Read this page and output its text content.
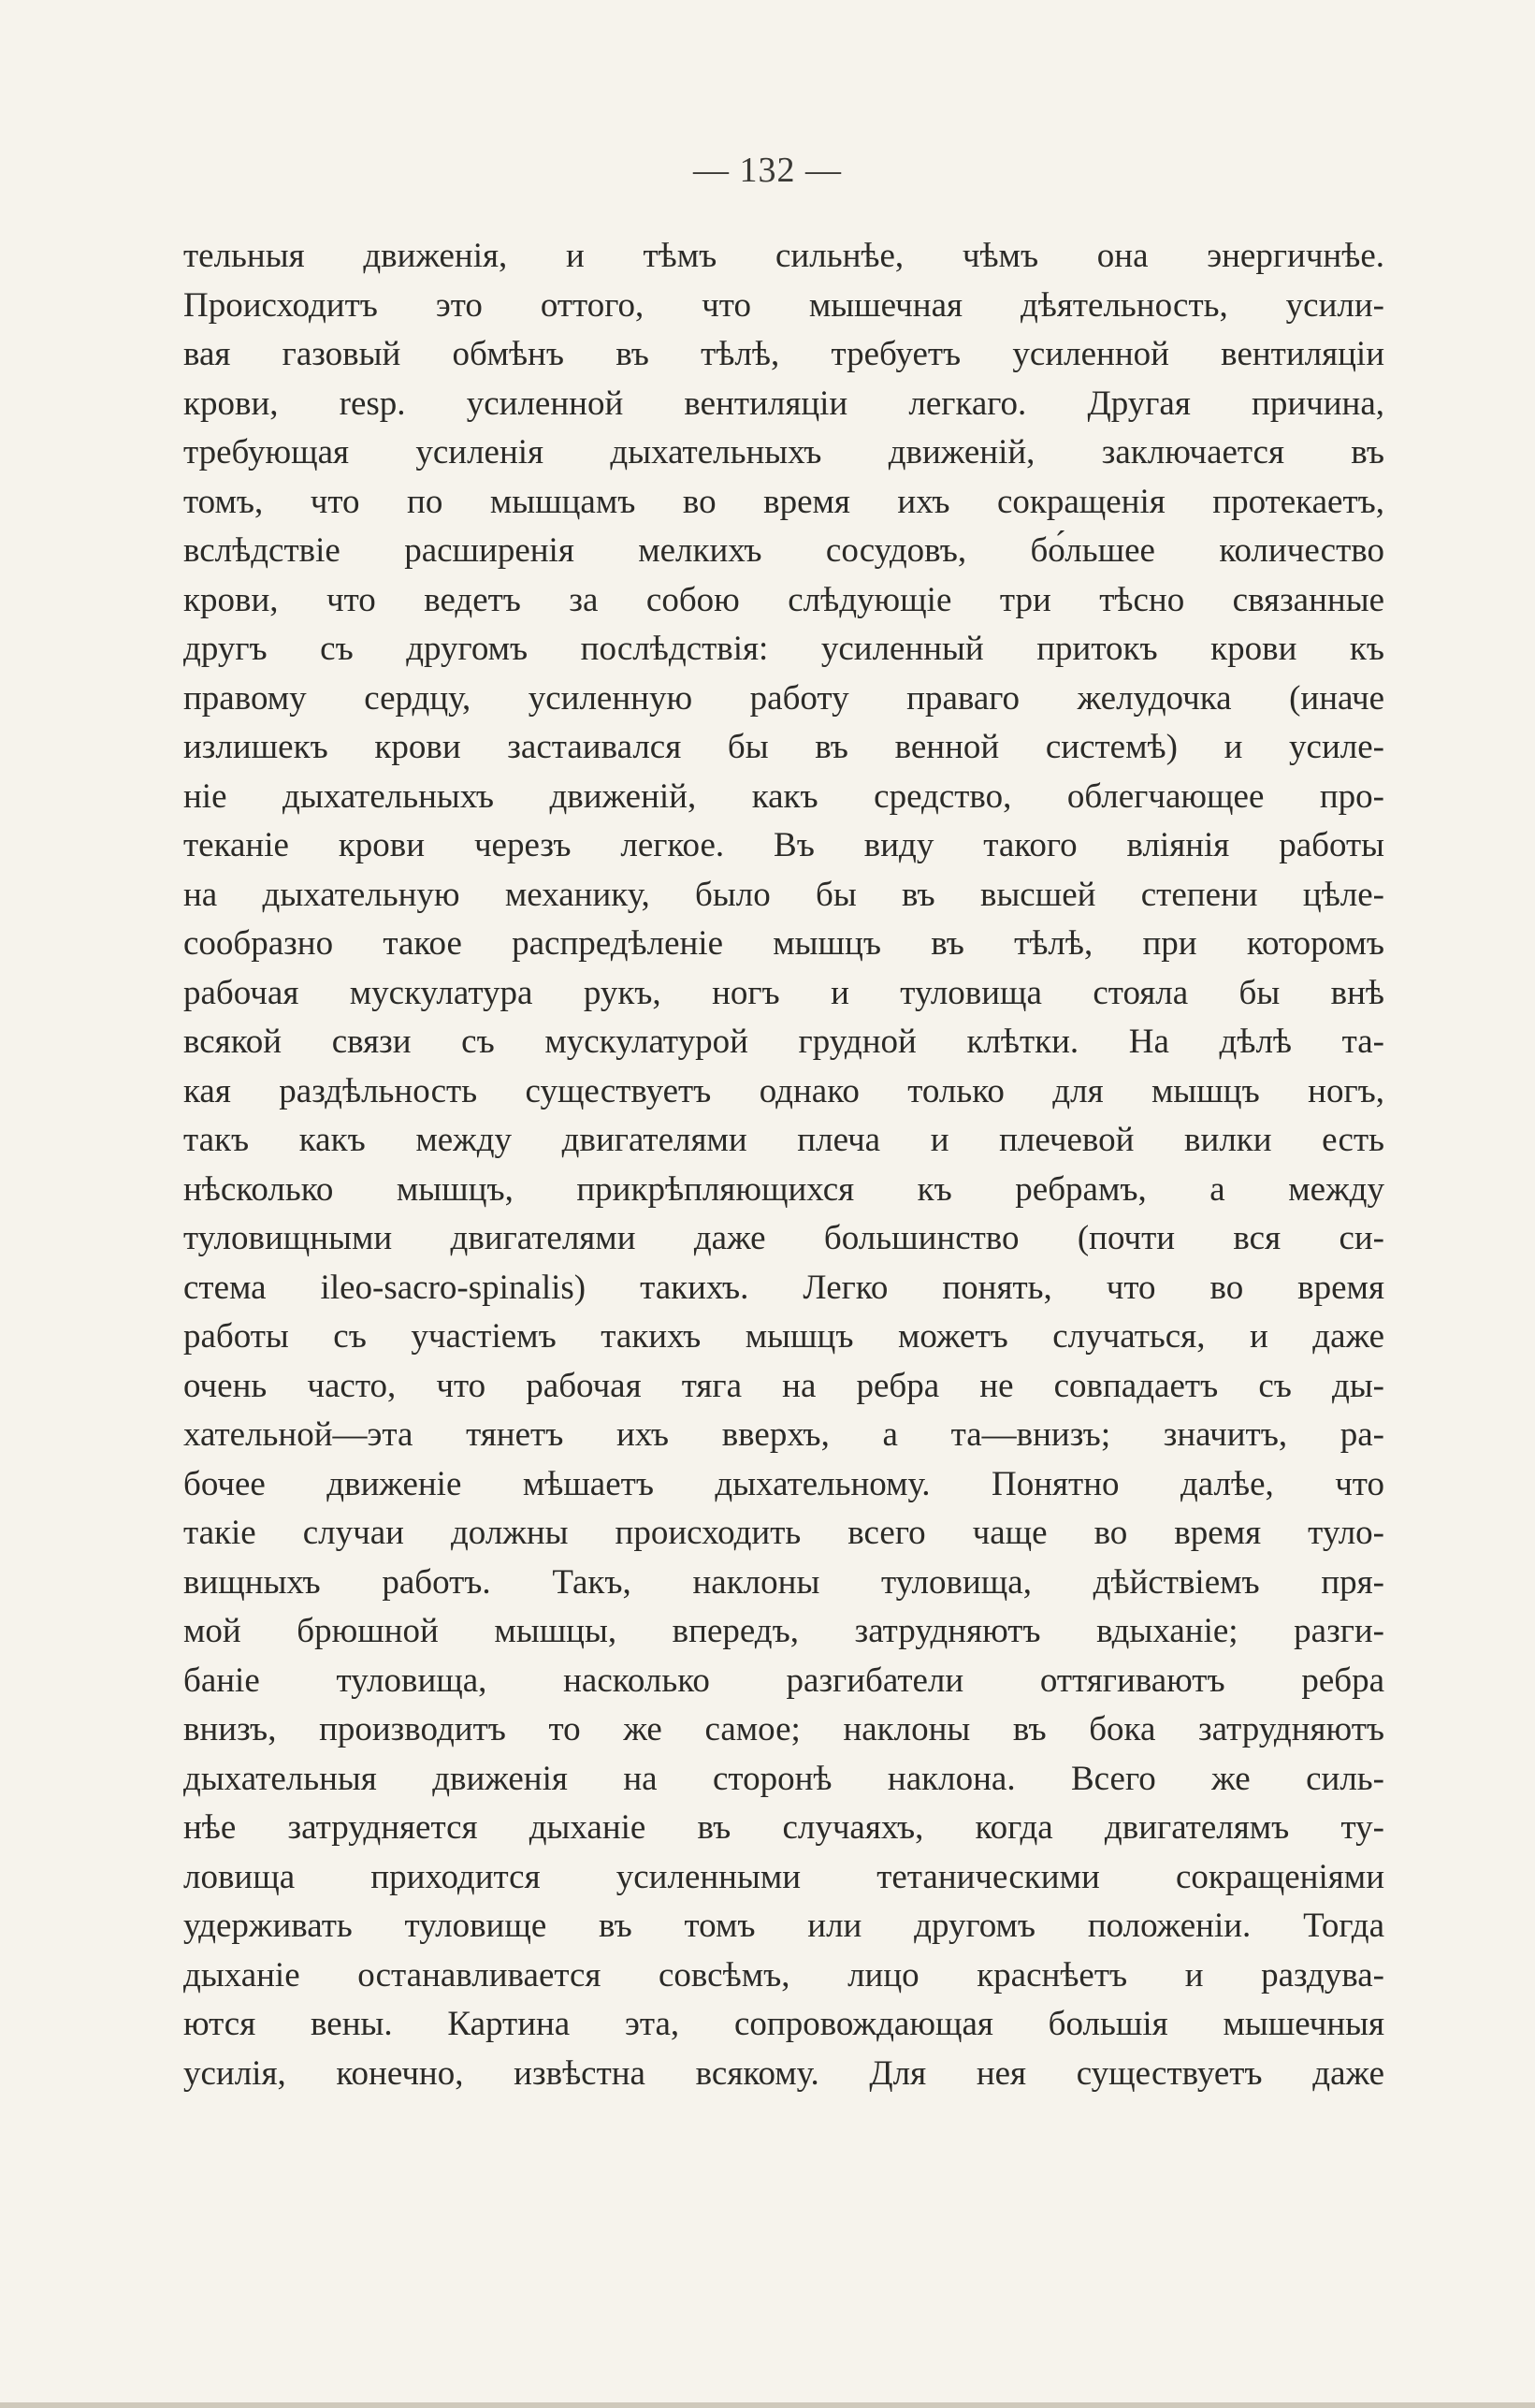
— 132 —
тельныя движенія, и тѣмъ сильнѣе, чѣмъ она энергичнѣе.
Происходитъ это оттого, что мышечная дѣятельность, усили-
вая газовый обмѣнъ въ тѣлѣ, требуетъ усиленной вентиляціи
крови, resp. усиленной вентиляціи легкаго. Другая причина,
требующая усиленія дыхательныхъ движеній, заключается въ
томъ, что по мышцамъ во время ихъ сокращенія протекаетъ,
вслѣдствіе расширенія мелкихъ сосудовъ, бо́льшее количество
крови, что ведетъ за собою слѣдующіе три тѣсно связанные
другъ съ другомъ послѣдствія: усиленный притокъ крови къ
правому сердцу, усиленную работу праваго желудочка (иначе
излишекъ крови застаивался бы въ венной системѣ) и усиле-
ніе дыхательныхъ движеній, какъ средство, облегчающее про-
теканіе крови черезъ легкое. Въ виду такого вліянія работы
на дыхательную механику, было бы въ высшей степени цѣле-
сообразно такое распредѣленіе мышцъ въ тѣлѣ, при которомъ
рабочая мускулатура рукъ, ногъ и туловища стояла бы внѣ
всякой связи съ мускулатурой грудной клѣтки. На дѣлѣ та-
кая раздѣльность существуетъ однако только для мышцъ ногъ,
такъ какъ между двигателями плеча и плечевой вилки есть
нѣсколько мышцъ, прикрѣпляющихся къ ребрамъ, а между
туловищными двигателями даже большинство (почти вся си-
стема ileo-sacro-spinalis) такихъ. Легко понять, что во время
работы съ участіемъ такихъ мышцъ можетъ случаться, и даже
очень часто, что рабочая тяга на ребра не совпадаетъ съ ды-
хательной—эта тянетъ ихъ вверхъ, а та—внизъ; значитъ, ра-
бочее движеніе мѣшаетъ дыхательному. Понятно далѣе, что
такіе случаи должны происходить всего чаще во время туло-
вищныхъ работъ. Такъ, наклоны туловища, дѣйствіемъ пря-
мой брюшной мышцы, впередъ, затрудняютъ вдыханіе; разги-
баніе туловища, насколько разгибатели оттягиваютъ ребра
внизъ, производитъ то же самое; наклоны въ бока затрудняютъ
дыхательныя движенія на сторонѣ наклона. Всего же силь-
нѣе затрудняется дыханіе въ случаяхъ, когда двигателямъ ту-
ловища приходится усиленными тетаническими сокращеніями
удерживать туловище въ томъ или другомъ положеніи. Тогда
дыханіе останавливается совсѣмъ, лицо краснѣетъ и раздува-
ются вены. Картина эта, сопровождающая большія мышечныя
усилія, конечно, извѣстна всякому. Для нея существуетъ даже
